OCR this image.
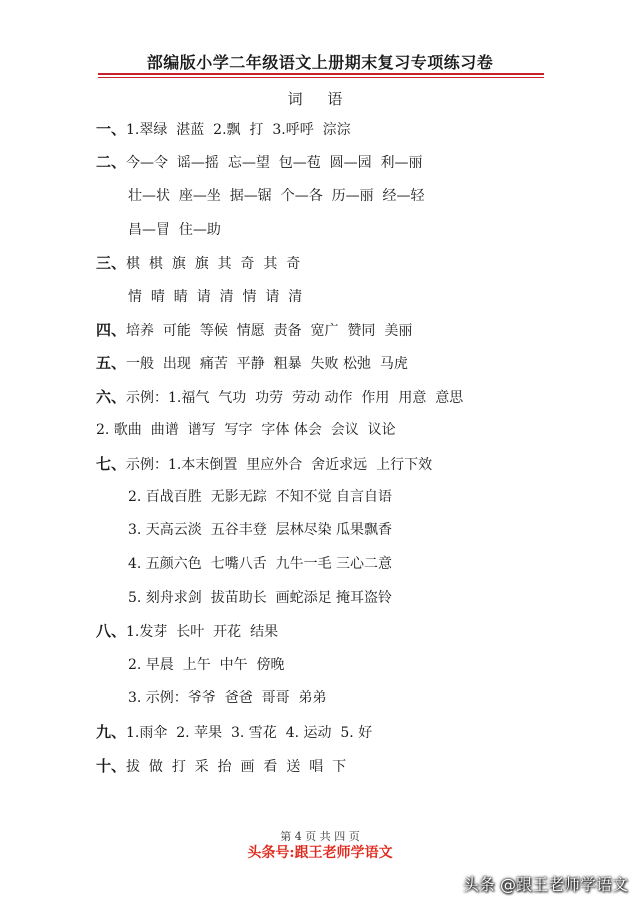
部编版小学二年级语文上册期末复习专项练习卷
词 语
一、1.翠绿  湛蓝  2.飘  打  3.呼呼  淙淙
二、今—令  谣—摇  忘—望  包—苞  圆—园  利—丽
壮—状  座—坐  据—锯  个—各  历—丽  经—轻
昌—冒  住—助
三、棋  棋  旗  旗  其  奇  其  奇
情  晴  睛  请  清  情  请  清
四、培养  可能  等候  情愿  责备  宽广  赞同  美丽
五、一般  出现  痛苦  平静  粗暴  失败 松弛  马虎
六、示例：1.福气  气功  功劳  劳动 动作  作用  用意  意思
2. 歌曲  曲谱  谱写  写字  字体 体会  会议  议论
七、示例：1.本末倒置  里应外合  舍近求远  上行下效
2. 百战百胜  无影无踪  不知不觉 自言自语
3. 天高云淡  五谷丰登  层林尽染 瓜果飘香
4. 五颜六色  七嘴八舌  九牛一毛 三心二意
5. 刻舟求剑  拔苗助长  画蛇添足 掩耳盗铃
八、1.发芽  长叶  开花  结果
2. 早晨  上午  中午  傍晚
3. 示例：爷爷  爸爸  哥哥  弟弟
九、1.雨伞  2. 苹果  3. 雪花  4. 运动  5. 好
十、拔  做  打  采  抬  画  看  送  唱  下
第 4 页 共 四 页
头条号:跟王老师学语文
头条 @跟王老师学语文
